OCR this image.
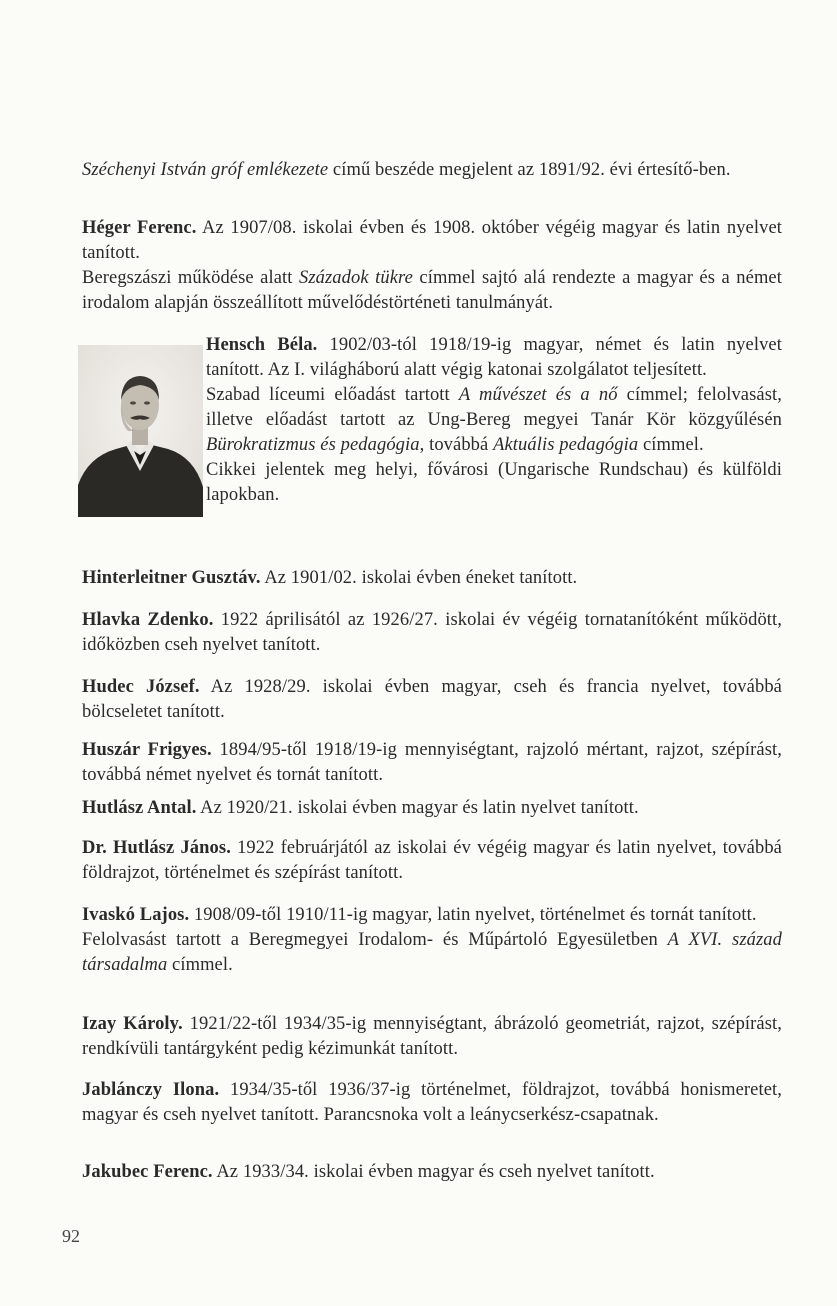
Széchenyi István gróf emlékezete című beszéde megjelent az 1891/92. évi értesítő-ben.

Héger Ferenc. Az 1907/08. iskolai évben és 1908. október végéig magyar és latin nyelvet tanított.

Beregszászi működése alatt Századok tükre címmel sajtó alá rendezte a magyar és a német irodalom alapján összeállított művelődéstörténeti tanulmányát.

Hensch Béla. 1902/03-tól 1918/19-ig magyar, német és latin nyelvet tanított. Az I. világháború alatt végig katonai szolgálatot teljesített.

Szabad líceumi előadást tartott A művészet és a nő címmel; felolvasást, illetve előadást tartott az Ung-Bereg megyei Tanár Kör közgyűlésén Bürokratizmus és pedagógia, továbbá Aktuális pedagógia címmel.

Cikkei jelentek meg helyi, fővárosi (Ungarische Rundschau) és külföldi lapokban.

Hinterleitner Gusztáv. Az 1901/02. iskolai évben éneket tanított.

Hlavka Zdenko. 1922 áprilisától az 1926/27. iskolai év végéig tornatanítóként működött, időközben cseh nyelvet tanított.

Hudec József. Az 1928/29. iskolai évben magyar, cseh és francia nyelvet, továbbá bölcseletet tanított.

Huszár Frigyes. 1894/95-től 1918/19-ig mennyiségtant, rajzoló mértant, rajzot, szépírást, továbbá német nyelvet és tornát tanított.

Hutlász Antal. Az 1920/21. iskolai évben magyar és latin nyelvet tanított.

Dr. Hutlász János. 1922 februárjától az iskolai év végéig magyar és latin nyelvet, továbbá földrajzot, történelmet és szépírást tanított.

Ivaskó Lajos. 1908/09-től 1910/11-ig magyar, latin nyelvet, történelmet és tornát tanított.

Felolvasást tartott a Beregmegyei Irodalom- és Műpártoló Egyesületben A XVI. század társadalma címmel.

Izay Károly. 1921/22-től 1934/35-ig mennyiségtant, ábrázoló geometriát, rajzot, szépírást, rendkívüli tantárgyként pedig kézimunkát tanított.

Jablánczy Ilona. 1934/35-től 1936/37-ig történelmet, földrajzot, továbbá honismeretet, magyar és cseh nyelvet tanított. Parancsnoka volt a leánycserkész-csapatnak.

Jakubec Ferenc. Az 1933/34. iskolai évben magyar és cseh nyelvet tanított.

92
